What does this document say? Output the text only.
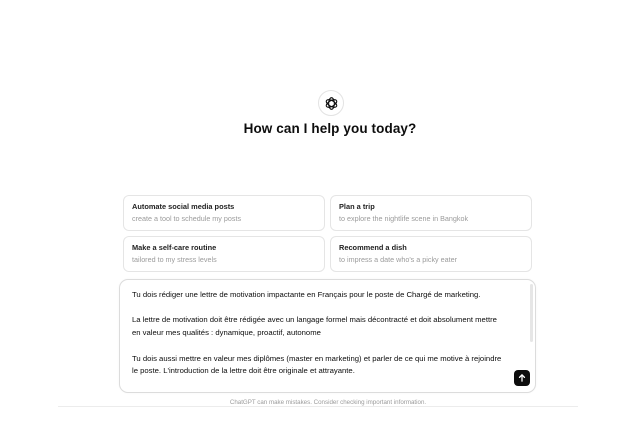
How can I help you today?
Automate social media posts
create a tool to schedule my posts
Plan a trip
to explore the nightlife scene in Bangkok
Make a self-care routine
tailored to my stress levels
Recommend a dish
to impress a date who's a picky eater
Tu dois rédiger une lettre de motivation impactante en Français pour le poste de Chargé de marketing.

La lettre de motivation doit être rédigée avec un langage formel mais décontracté et doit absolument mettre en valeur mes qualités : dynamique, proactif, autonome

Tu dois aussi mettre en valeur mes diplômes (master en marketing) et parler de ce qui me motive à rejoindre le poste. L'introduction de la lettre doit être originale et attrayante.
ChatGPT can make mistakes. Consider checking important information.
